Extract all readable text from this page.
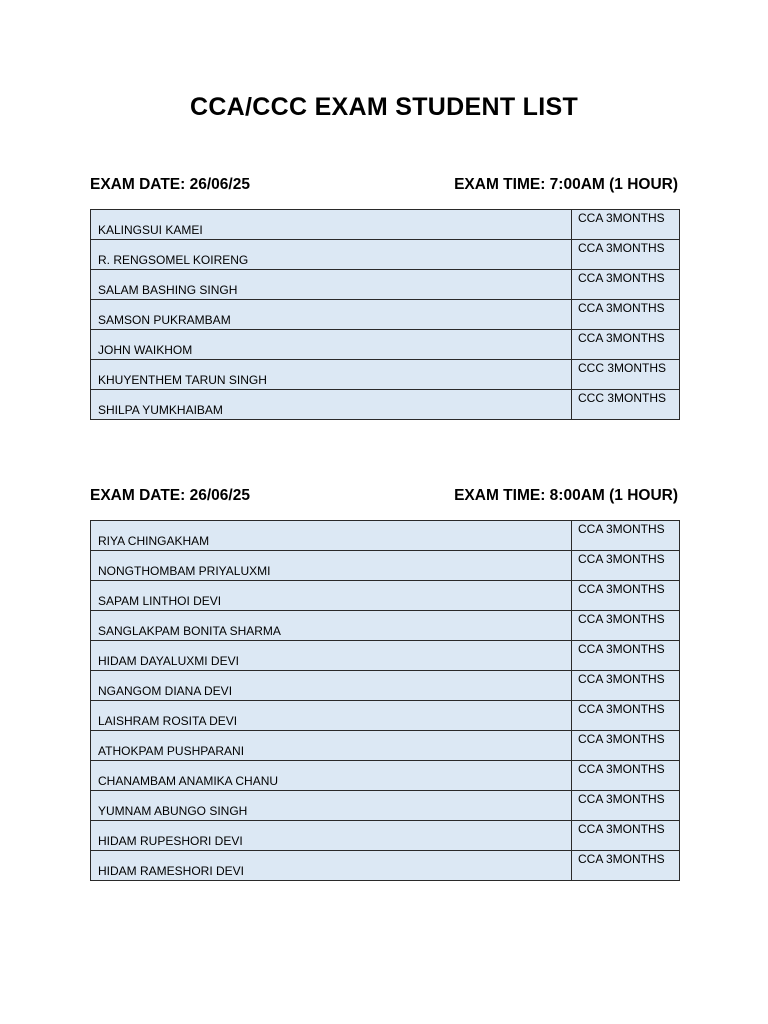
CCA/CCC EXAM STUDENT LIST
EXAM DATE: 26/06/25	EXAM TIME: 7:00AM (1 HOUR)
KALINGSUI KAMEI	CCA 3MONTHS
R. RENGSOMEL KOIRENG	CCA 3MONTHS
SALAM BASHING SINGH	CCA 3MONTHS
SAMSON PUKRAMBAM	CCA 3MONTHS
JOHN WAIKHOM	CCA 3MONTHS
KHUYENTHEM TARUN SINGH	CCC 3MONTHS
SHILPA YUMKHAIBAM	CCC 3MONTHS
EXAM DATE: 26/06/25	EXAM TIME: 8:00AM (1 HOUR)
RIYA CHINGAKHAM	CCA 3MONTHS
NONGTHOMBAM PRIYALUXMI	CCA 3MONTHS
SAPAM LINTHOI DEVI	CCA 3MONTHS
SANGLAKPAM BONITA SHARMA	CCA 3MONTHS
HIDAM DAYALUXMI DEVI	CCA 3MONTHS
NGANGOM DIANA DEVI	CCA 3MONTHS
LAISHRAM ROSITA DEVI	CCA 3MONTHS
ATHOKPAM PUSHPARANI	CCA 3MONTHS
CHANAMBAM ANAMIKA CHANU	CCA 3MONTHS
YUMNAM ABUNGO SINGH	CCA 3MONTHS
HIDAM RUPESHORI DEVI	CCA 3MONTHS
HIDAM RAMESHORI DEVI	CCA 3MONTHS
